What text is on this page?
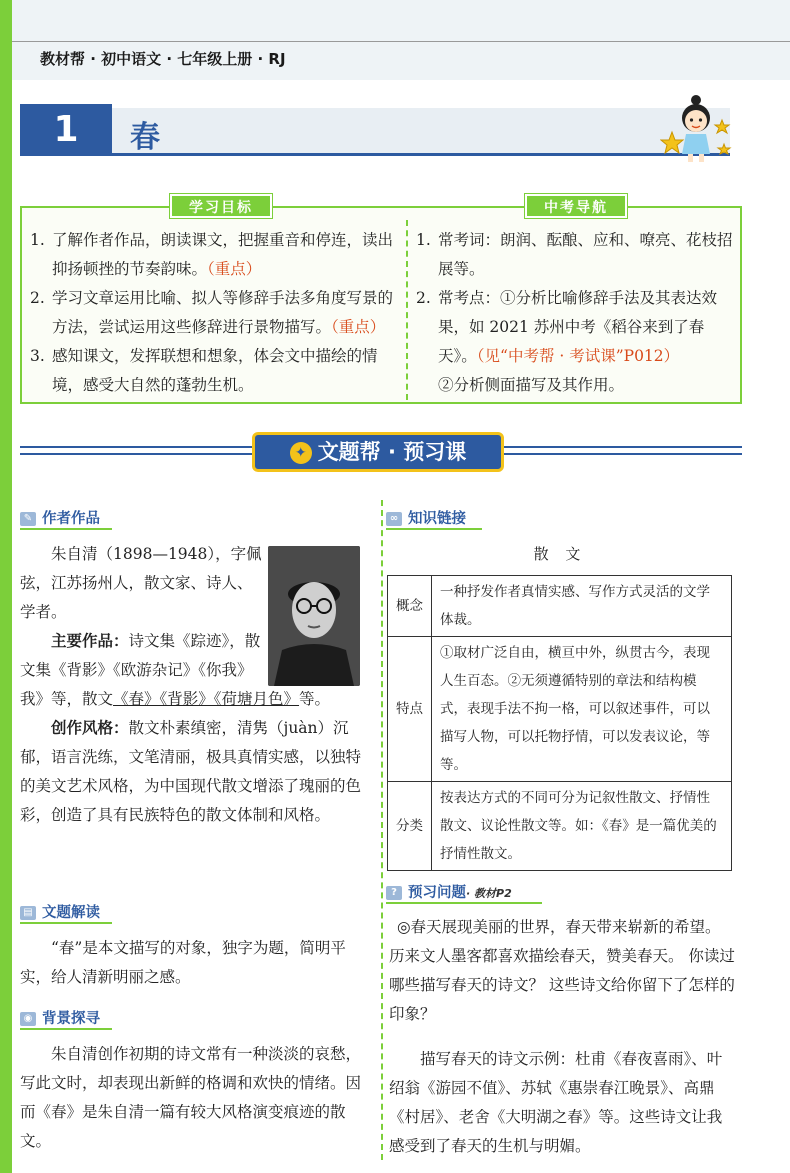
教材帮 · 初中语文 · 七年级上册 · RJ
1	春
学习目标	中考导航
1. 了解作者作品，朗读课文，把握重音和停连，读出抑扬顿挫的节奏韵味。（重点）
2. 学习文章运用比喻、拟人等修辞手法多角度写景的方法，尝试运用这些修辞进行景物描写。（重点）
3. 感知课文，发挥联想和想象，体会文中描绘的情境，感受大自然的蓬勃生机。
1. 常考词：朗润、酝酿、应和、嘹亮、花枝招展等。
2. 常考点：①分析比喻修辞手法及其表达效果，如 2021 苏州中考《稻谷来到了春天》。（见“中考帮 · 考试课”P012）
②分析侧面描写及其作用。
✦ 文题帮 · 预习课
✎ 作者作品
朱自清（1898—1948），字佩弦，江苏扬州人，散文家、诗人、学者。
主要作品：诗文集《踪迹》，散文集《背影》《欧游杂记》《你我》
我》等，散文《春》《背影》《荷塘月色》等。
创作风格：散文朴素缜密，清隽（juàn）沉郁，语言洗练，文笔清丽，极具真情实感，以独特的美文艺术风格，为中国现代散文增添了瑰丽的色彩，创造了具有民族特色的散文体制和风格。
▤ 文题解读
“春”是本文描写的对象，独字为题，简明平实，给人清新明丽之感。
◉ 背景探寻
朱自清创作初期的诗文常有一种淡淡的哀愁，写此文时，却表现出新鲜的格调和欢快的情绪。因而《春》是朱自清一篇有较大风格演变痕迹的散文。
∞ 知识链接
散 文
概念	一种抒发作者真情实感、写作方式灵活的文学体裁。
特点	①取材广泛自由，横亘中外，纵贯古今，表现人生百态。②无须遵循特别的章法和结构模式，表现手法不拘一格，可以叙述事件，可以描写人物，可以托物抒情，可以发表议论，等等。
分类	按表达方式的不同可分为记叙性散文、抒情性散文、议论性散文等。如：《春》是一篇优美的抒情性散文。
? 预习问题· 教材P2
◎春天展现美丽的世界，春天带来崭新的希望。 历来文人墨客都喜欢描绘春天，赞美春天。 你读过哪些描写春天的诗文？ 这些诗文给你留下了怎样的印象？
描写春天的诗文示例：杜甫《春夜喜雨》、叶绍翁《游园不值》、苏轼《惠崇春江晚景》、高鼎《村居》、老舍《大明湖之春》等。这些诗文让我感受到了春天的生机与明媚。
